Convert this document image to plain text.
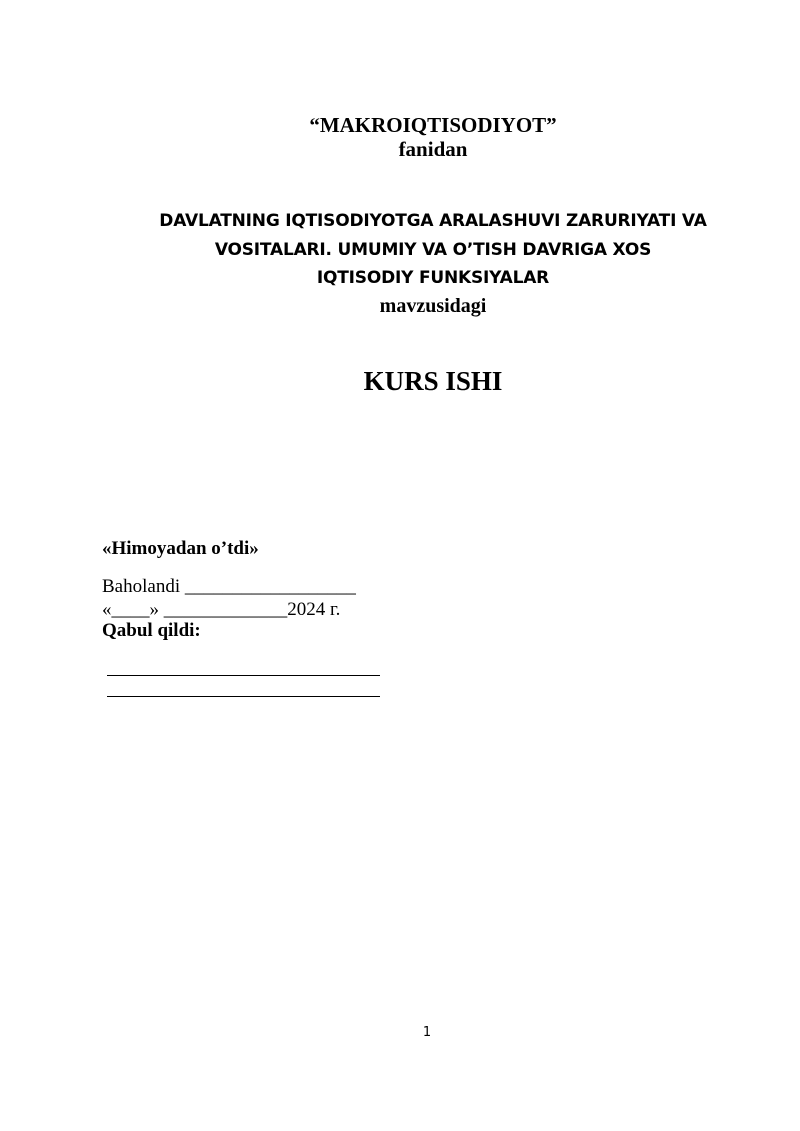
“MAKROIQTISODIYOT”
fanidan
DAVLATNING IQTISODIYOTGA ARALASHUVI ZARURIYATI VA
VOSITALARI. UMUMIY VA O’TISH DAVRIGA XOS
IQTISODIY FUNKSIYALAR
mavzusidagi
KURS ISHI
«Himoyadan o’tdi»
Baholandi __________________
«____» _____________2024 г.
Qabul qildi:
1
